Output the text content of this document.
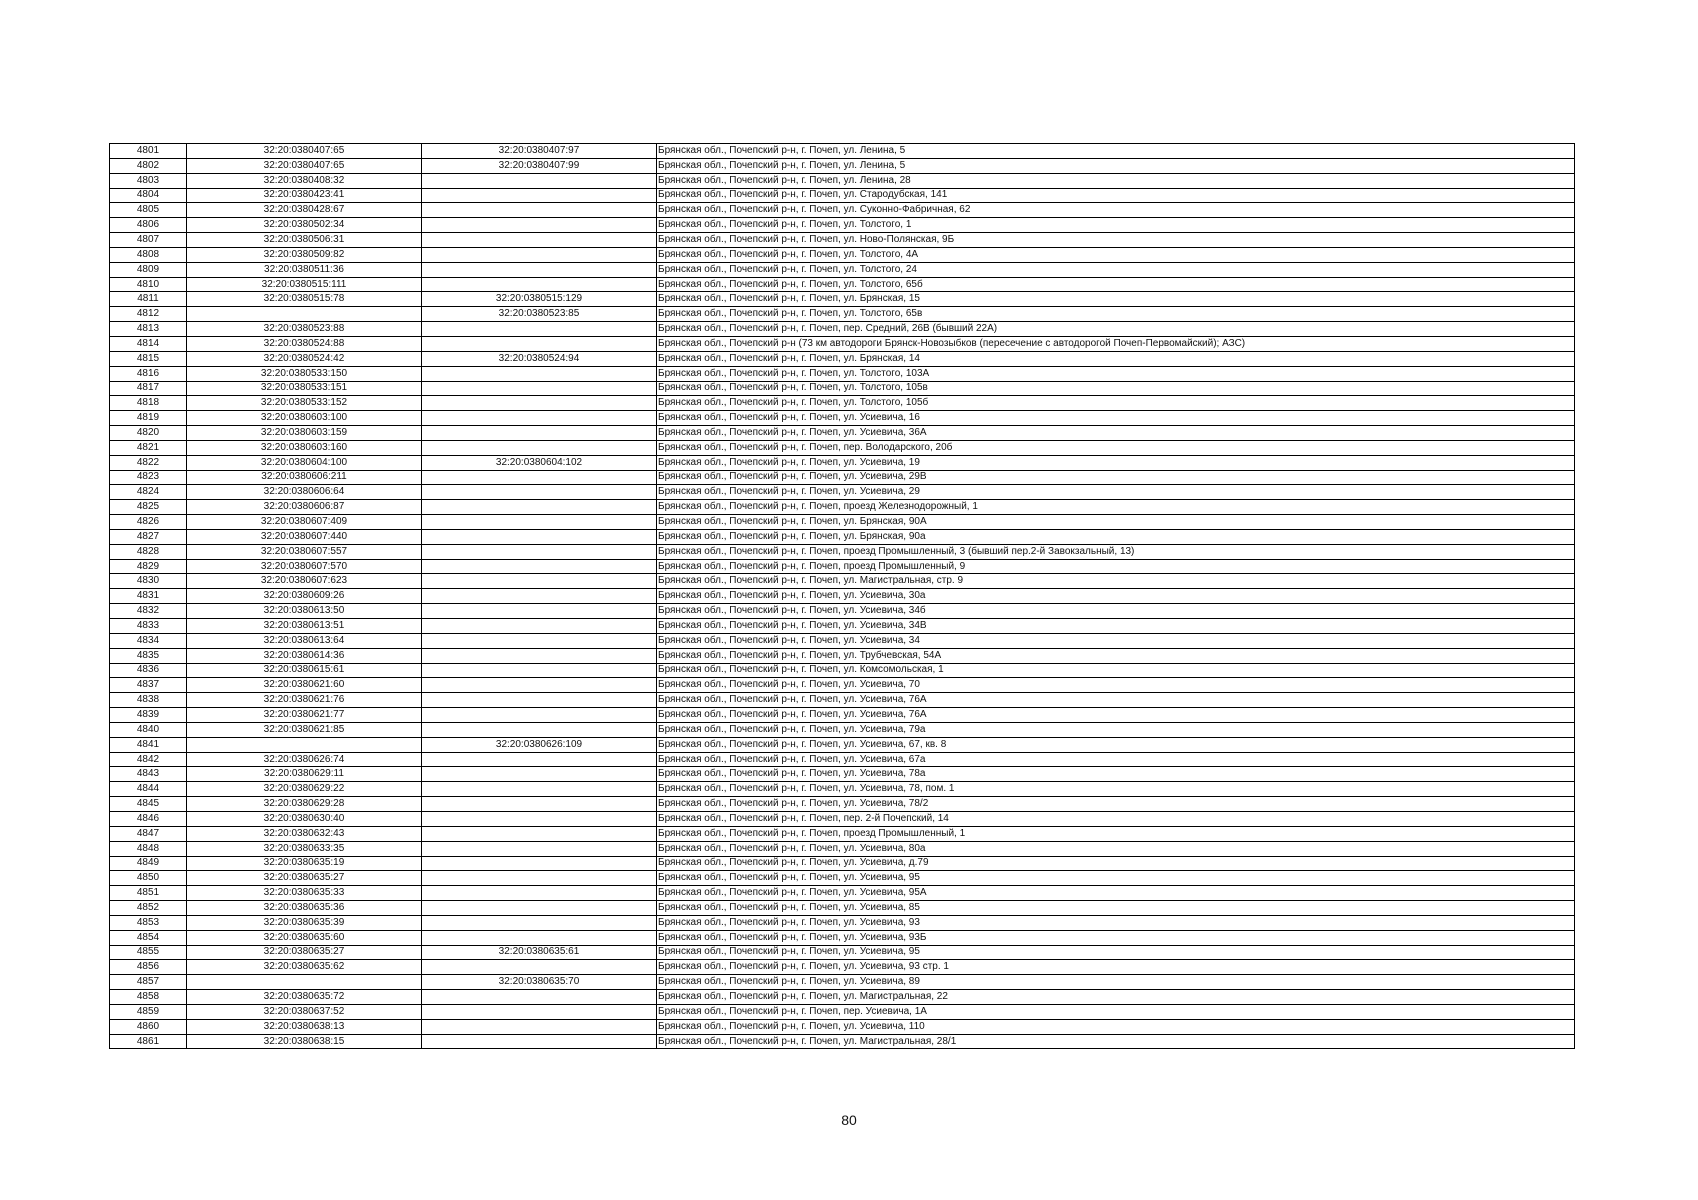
4801	32:20:0380407:65	32:20:0380407:97	Брянская обл., Почепский р-н, г. Почеп, ул. Ленина, 5
4802	32:20:0380407:65	32:20:0380407:99	Брянская обл., Почепский р-н, г. Почеп, ул. Ленина, 5
4803	32:20:0380408:32		Брянская обл., Почепский р-н, г. Почеп, ул. Ленина, 28
4804	32:20:0380423:41		Брянская обл., Почепский р-н, г. Почеп, ул. Стародубская, 141
4805	32:20:0380428:67		Брянская обл., Почепский р-н, г. Почеп, ул. Суконно-Фабричная, 62
4806	32:20:0380502:34		Брянская обл., Почепский р-н, г. Почеп, ул. Толстого, 1
4807	32:20:0380506:31		Брянская обл., Почепский р-н, г. Почеп, ул. Ново-Полянская, 9Б
4808	32:20:0380509:82		Брянская обл., Почепский р-н, г. Почеп, ул. Толстого, 4А
4809	32:20:0380511:36		Брянская обл., Почепский р-н, г. Почеп, ул. Толстого, 24
4810	32:20:0380515:111		Брянская обл., Почепский р-н, г. Почеп, ул. Толстого, 65б
4811	32:20:0380515:78	32:20:0380515:129	Брянская обл., Почепский р-н, г. Почеп, ул. Брянская, 15
4812		32:20:0380523:85	Брянская обл., Почепский р-н, г. Почеп, ул. Толстого, 65в
4813	32:20:0380523:88		Брянская обл., Почепский р-н, г. Почеп, пер. Средний, 26В (бывший 22А)
4814	32:20:0380524:88		Брянская обл., Почепский р-н (73 км автодороги Брянск-Новозыбков (пересечение с автодорогой Почеп-Первомайский); АЗС)
4815	32:20:0380524:42	32:20:0380524:94	Брянская обл., Почепский р-н, г. Почеп, ул. Брянская, 14
4816	32:20:0380533:150		Брянская обл., Почепский р-н, г. Почеп, ул. Толстого, 103А
4817	32:20:0380533:151		Брянская обл., Почепский р-н, г. Почеп, ул. Толстого, 105в
4818	32:20:0380533:152		Брянская обл., Почепский р-н, г. Почеп, ул. Толстого, 105б
4819	32:20:0380603:100		Брянская обл., Почепский р-н, г. Почеп, ул. Усиевича, 16
4820	32:20:0380603:159		Брянская обл., Почепский р-н, г. Почеп, ул. Усиевича, 36А
4821	32:20:0380603:160		Брянская обл., Почепский р-н, г. Почеп, пер. Володарского, 20б
4822	32:20:0380604:100	32:20:0380604:102	Брянская обл., Почепский р-н, г. Почеп, ул. Усиевича, 19
4823	32:20:0380606:211		Брянская обл., Почепский р-н, г. Почеп, ул. Усиевича, 29В
4824	32:20:0380606:64		Брянская обл., Почепский р-н, г. Почеп, ул. Усиевича, 29
4825	32:20:0380606:87		Брянская обл., Почепский р-н, г. Почеп, проезд Железнодорожный, 1
4826	32:20:0380607:409		Брянская обл., Почепский р-н, г. Почеп, ул. Брянская, 90А
4827	32:20:0380607:440		Брянская обл., Почепский р-н, г. Почеп, ул. Брянская, 90а
4828	32:20:0380607:557		Брянская обл., Почепский р-н, г. Почеп, проезд Промышленный, 3 (бывший пер.2-й Завокзальный, 13)
4829	32:20:0380607:570		Брянская обл., Почепский р-н, г. Почеп, проезд Промышленный, 9
4830	32:20:0380607:623		Брянская обл., Почепский р-н, г. Почеп, ул. Магистральная, стр. 9
4831	32:20:0380609:26		Брянская обл., Почепский р-н, г. Почеп, ул. Усиевича, 30а
4832	32:20:0380613:50		Брянская обл., Почепский р-н, г. Почеп, ул. Усиевича, 34б
4833	32:20:0380613:51		Брянская обл., Почепский р-н, г. Почеп, ул. Усиевича, 34В
4834	32:20:0380613:64		Брянская обл., Почепский р-н, г. Почеп, ул. Усиевича, 34
4835	32:20:0380614:36		Брянская обл., Почепский р-н, г. Почеп, ул. Трубчевская, 54А
4836	32:20:0380615:61		Брянская обл., Почепский р-н, г. Почеп, ул. Комсомольская, 1
4837	32:20:0380621:60		Брянская обл., Почепский р-н, г. Почеп, ул. Усиевича, 70
4838	32:20:0380621:76		Брянская обл., Почепский р-н, г. Почеп, ул. Усиевича, 76А
4839	32:20:0380621:77		Брянская обл., Почепский р-н, г. Почеп, ул. Усиевича, 76А
4840	32:20:0380621:85		Брянская обл., Почепский р-н, г. Почеп, ул. Усиевича, 79а
4841		32:20:0380626:109	Брянская обл., Почепский р-н, г. Почеп, ул. Усиевича, 67, кв. 8
4842	32:20:0380626:74		Брянская обл., Почепский р-н, г. Почеп, ул. Усиевича, 67а
4843	32:20:0380629:11		Брянская обл., Почепский р-н, г. Почеп, ул. Усиевича, 78а
4844	32:20:0380629:22		Брянская обл., Почепский р-н, г. Почеп, ул. Усиевича, 78, пом. 1
4845	32:20:0380629:28		Брянская обл., Почепский р-н, г. Почеп, ул. Усиевича, 78/2
4846	32:20:0380630:40		Брянская обл., Почепский р-н, г. Почеп, пер. 2-й Почепский, 14
4847	32:20:0380632:43		Брянская обл., Почепский р-н, г. Почеп, проезд Промышленный, 1
4848	32:20:0380633:35		Брянская обл., Почепский р-н, г. Почеп, ул. Усиевича, 80а
4849	32:20:0380635:19		Брянская обл., Почепский р-н, г. Почеп, ул. Усиевича, д.79
4850	32:20:0380635:27		Брянская обл., Почепский р-н, г. Почеп, ул. Усиевича, 95
4851	32:20:0380635:33		Брянская обл., Почепский р-н, г. Почеп, ул. Усиевича, 95А
4852	32:20:0380635:36		Брянская обл., Почепский р-н, г. Почеп, ул. Усиевича, 85
4853	32:20:0380635:39		Брянская обл., Почепский р-н, г. Почеп, ул. Усиевича, 93
4854	32:20:0380635:60		Брянская обл., Почепский р-н, г. Почеп, ул. Усиевича, 93Б
4855	32:20:0380635:27	32:20:0380635:61	Брянская обл., Почепский р-н, г. Почеп, ул. Усиевича, 95
4856	32:20:0380635:62		Брянская обл., Почепский р-н, г. Почеп, ул. Усиевича, 93 стр. 1
4857		32:20:0380635:70	Брянская обл., Почепский р-н, г. Почеп, ул. Усиевича, 89
4858	32:20:0380635:72		Брянская обл., Почепский р-н, г. Почеп, ул. Магистральная, 22
4859	32:20:0380637:52		Брянская обл., Почепский р-н, г. Почеп, пер. Усиевича, 1А
4860	32:20:0380638:13		Брянская обл., Почепский р-н, г. Почеп, ул. Усиевича, 110
4861	32:20:0380638:15		Брянская обл., Почепский р-н, г. Почеп, ул. Магистральная, 28/1
80
